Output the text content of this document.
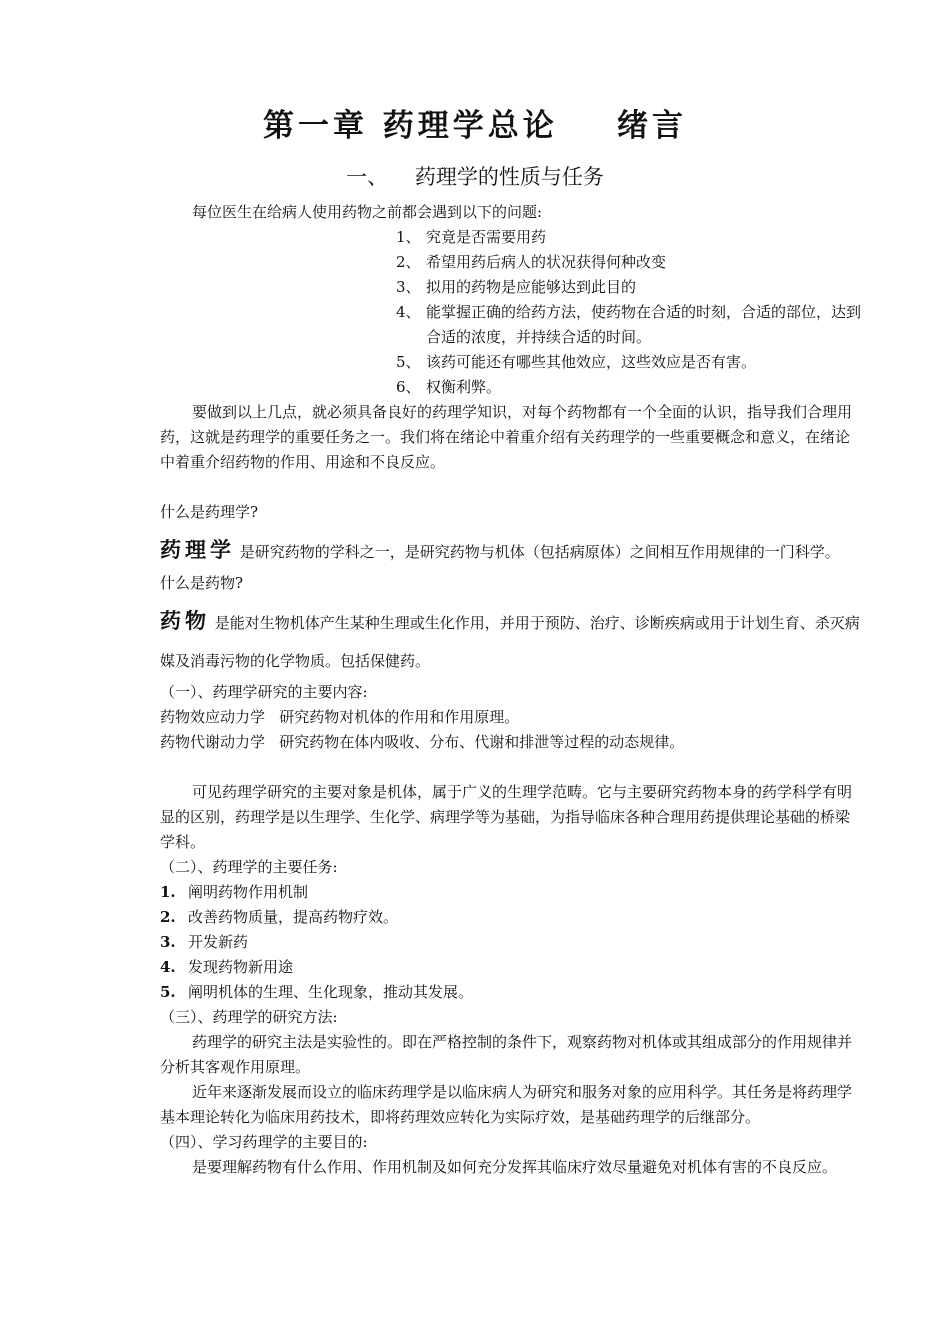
第一章 药理学总论    绪言
一、    药理学的性质与任务

每位医生在给病人使用药物之前都会遇到以下的问题:

1、 究竟是否需要用药
2、 希望用药后病人的状况获得何种改变
3、 拟用的药物是应能够达到此目的
4、 能掌握正确的给药方法，使药物在合适的时刻，合适的部位，达到合适的浓度，并持续合适的时间。
5、 该药可能还有哪些其他效应，这些效应是否有害。
6、 权衡利弊。

要做到以上几点，就必须具备良好的药理学知识，对每个药物都有一个全面的认识，指导我们合理用药，这就是药理学的重要任务之一。我们将在绪论中着重介绍有关药理学的一些重要概念和意义，在绪论中着重介绍药物的作用、用途和不良反应。

什么是药理学?

药理学 是研究药物的学科之一，是研究药物与机体（包括病原体）之间相互作用规律的一门科学。

什么是药物?

药物 是能对生物机体产生某种生理或生化作用，并用于预防、治疗、诊断疾病或用于计划生育、杀灭病媒及消毒污物的化学物质。包括保健药。

（一）、药理学研究的主要内容:

药物效应动力学   研究药物对机体的作用和作用原理。

药物代谢动力学   研究药物在体内吸收、分布、代谢和排泄等过程的动态规律。

可见药理学研究的主要对象是机体，属于广义的生理学范畴。它与主要研究药物本身的药学科学有明显的区别，药理学是以生理学、生化学、病理学等为基础，为指导临床各种合理用药提供理论基础的桥梁学科。

（二）、药理学的主要任务:

1. 阐明药物作用机制
2. 改善药物质量，提高药物疗效。
3. 开发新药
4. 发现药物新用途
5. 阐明机体的生理、生化现象，推动其发展。

（三）、药理学的研究方法:

药理学的研究主法是实验性的。即在严格控制的条件下，观察药物对机体或其组成部分的作用规律并分析其客观作用原理。

近年来逐渐发展而设立的临床药理学是以临床病人为研究和服务对象的应用科学。其任务是将药理学基本理论转化为临床用药技术，即将药理效应转化为实际疗效，是基础药理学的后继部分。

（四）、学习药理学的主要目的:

是要理解药物有什么作用、作用机制及如何充分发挥其临床疗效尽量避免对机体有害的不良反应。
